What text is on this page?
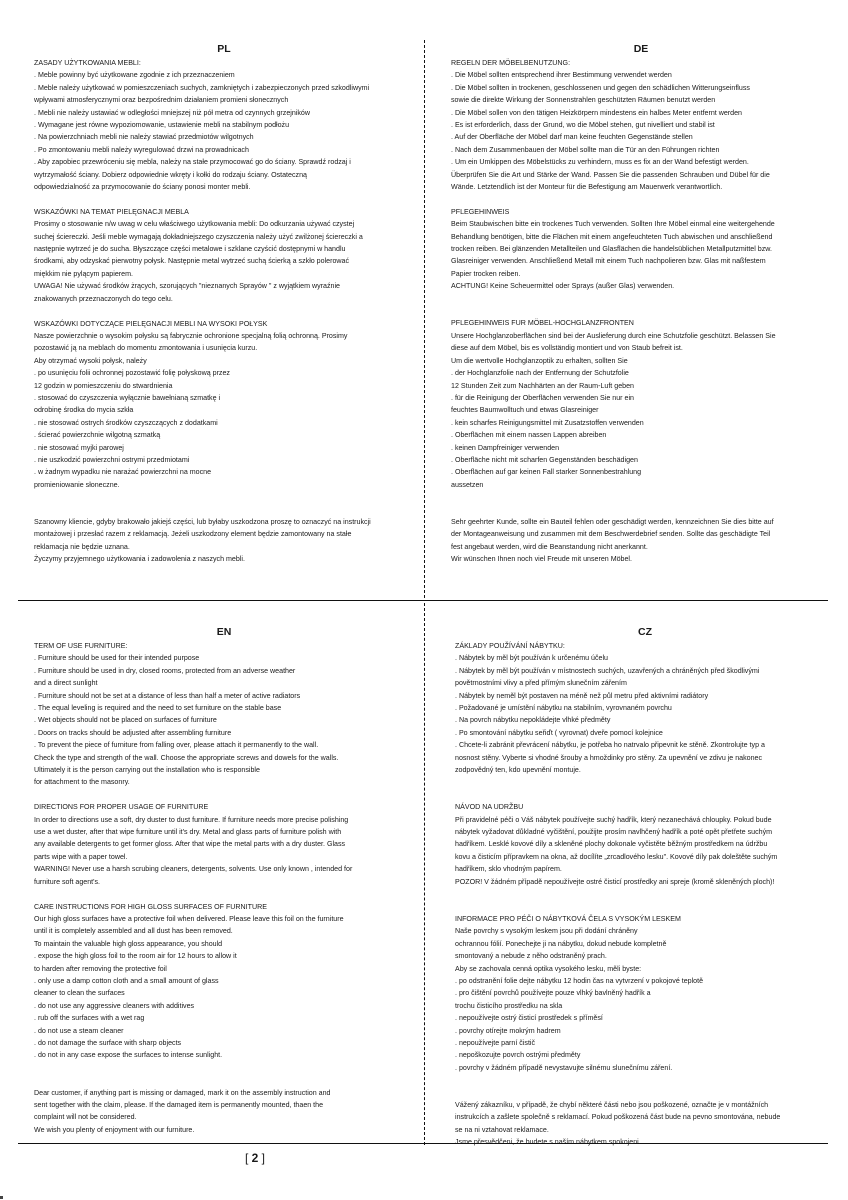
PL
ZASADY UŻYTKOWANIA MEBLI:
. Meble powinny być użytkowane zgodnie z ich przeznaczeniem
. Meble należy użytkować w pomieszczeniach suchych, zamkniętych i zabezpieczonych przed szkodliwymi
wpływami atmosferycznymi oraz bezpośrednim działaniem promieni słonecznych
. Mebli nie należy ustawiać w odległości mniejszej niż pół metra od czynnych grzejników
. Wymagane jest równe wypoziomowanie, ustawienie mebli na stabilnym podłożu
. Na powierzchniach mebli nie należy stawiać przedmiotów wilgotnych
. Po zmontowaniu mebli należy wyregulować drzwi na prowadnicach
. Aby zapobiec przewróceniu się mebla, należy na stałe przymocować go do ściany. Sprawdź rodzaj i
wytrzymałość ściany. Dobierz odpowiednie wkręty i kołki do rodzaju ściany. Ostateczną
odpowiedzialność za przymocowanie do ściany ponosi monter mebli.
WSKAZÓWKI NA TEMAT PIELĘGNACJI MEBLA
Prosimy o stosowanie n/w uwag w celu właściwego użytkowania mebli: Do odkurzania używać czystej
suchej ściereczki. Jeśli meble wymagają dokładniejszego czyszczenia należy użyć zwilżonej ściereczki a
następnie wytrzeć je do sucha. Błyszczące części metalowe i szklane czyścić dostępnymi w handlu
środkami, aby odzyskać pierwotny połysk. Następnie metal wytrzeć suchą ścierką a szkło polerować
miękkim nie pylącym papierem.
UWAGA! Nie używać środków żrących, szorujących "nieznanych Sprayów " z wyjątkiem wyraźnie
znakowanych przeznaczonych do tego celu.
WSKAZÓWKI DOTYCZĄCE PIELĘGNACJI MEBLI NA WYSOKI POŁYSK
Nasze powierzchnie o wysokim połysku są fabrycznie ochronione specjalną folią ochronną. Prosimy
pozostawić ją na meblach do momentu zmontowania i usunięcia kurzu.
Aby otrzymać wysoki połysk, należy
. po usunięciu folii ochronnej pozostawić folię połyskową przez
12 godzin w pomieszczeniu do stwardnienia
. stosować do czyszczenia wyłącznie bawełnianą szmatkę i
odrobinę środka do mycia szkła
. nie stosować ostrych środków czyszczących z dodatkami
. ścierać powierzchnie wilgotną szmatką
. nie stosować myjki parowej
. nie uszkodzić powierzchni ostrymi przedmiotami
. w żadnym wypadku nie narażać powierzchni na mocne
promieniowanie słoneczne.
Szanowny kliencie, gdyby brakowało jakiejś części, lub byłaby uszkodzona proszę to oznaczyć na instrukcji
montażowej i przesłać razem z reklamacją. Jeżeli uszkodzony element będzie zamontowany na stałe
reklamacja nie będzie uznana.
Życzymy przyjemnego użytkowania i zadowolenia z naszych mebli.
DE
REGELN DER MÖBELBENUTZUNG:
. Die Möbel sollten entsprechend ihrer Bestimmung verwendet werden
. Die Möbel sollten in trockenen, geschlossenen und gegen den schädlichen Witterungseinfluss
sowie die direkte Wirkung der Sonnenstrahlen geschützten Räumen benutzt werden
. Die Möbel sollen von den tätigen Heizkörpern mindestens ein halbes Meter entfernt werden
. Es ist erforderlich, dass der Grund, wo die Möbel stehen, gut nivelliert und stabil ist
. Auf der Oberfläche der Möbel darf man keine feuchten Gegenstände stellen
. Nach dem Zusammenbauen der Möbel sollte man die Tür an den Führungen richten
. Um ein Umkippen des Möbelstücks zu verhindern, muss es fix an der Wand befestigt werden.
Überprüfen Sie die Art und Stärke der Wand. Passen Sie die passenden Schrauben und Dübel für die
Wände. Letztendlich ist der Monteur für die Befestigung am Mauerwerk verantwortlich.
PFLEGEHINWEIS
Beim Staubwischen bitte ein trockenes Tuch verwenden. Sollten Ihre Möbel einmal eine weitergehende
Behandlung benötigen, bitte die Flächen mit einem angefeuchteten Tuch abwischen und anschließend
trocken reiben. Bei glänzenden Metallteilen und Glasflächen die handelsüblichen Metallputzmittel bzw.
Glasreiniger verwenden. Anschließend Metall mit einem Tuch nachpolieren bzw. Glas mit naßfestem
Papier trocken reiben.
ACHTUNG! Keine Scheuermittel oder Sprays (außer Glas) verwenden.
PFLEGEHINWEIS FUR MÖBEL-HOCHGLANZFRONTEN
Unsere Hochglanzoberflächen sind bei der Auslieferung durch eine Schutzfolie geschützt. Belassen Sie
diese auf dem Möbel, bis es vollständig montiert und von Staub befreit ist.
Um die wertvolle Hochglanzoptik zu erhalten, sollten Sie
. der Hochglanzfolie nach der Entfernung der Schutzfolie
12 Stunden Zeit zum Nachhärten an der Raum-Luft geben
. für die Reinigung der Oberflächen verwenden Sie nur ein
feuchtes Baumwolltuch und etwas Glasreiniger
. kein scharfes Reinigungsmittel mit Zusatzstoffen verwenden
. Oberflächen mit einem nassen Lappen abreiben
. keinen Dampfreiniger verwenden
. Oberfläche nicht mit scharfen Gegenständen beschädigen
. Oberflächen auf gar keinen Fall starker Sonnenbestrahlung
aussetzen
Sehr geehrter Kunde, sollte ein Bauteil fehlen oder geschädigt werden, kennzeichnen Sie dies bitte auf
der Montageanweisung und zusammen mit dem Beschwerdebrief senden. Sollte das geschädigte Teil
fest angebaut werden, wird die Beanstandung nicht anerkannt.
Wir wünschen Ihnen noch viel Freude mit unseren Möbel.
EN
TERM OF USE FURNITURE:
. Furniture should be used for their intended purpose
. Furniture should be used in dry, closed rooms, protected from an adverse weather
and a direct sunlight
. Furniture should not be set at a distance of less than half a meter of active radiators
. The equal leveling is required and the need to set furniture on the stable base
. Wet objects should not be placed on surfaces of furniture
. Doors on tracks should be adjusted after assembling furniture
. To prevent the piece of furniture from falling over, please attach it permanently to the wall.
Check the type and strength of the wall. Choose the appropriate screws and dowels for the walls.
Ultimately it is the person carrying out the installation who is responsible
for attachment to the masonry.
DIRECTIONS FOR PROPER USAGE OF FURNITURE
In order to directions use a soft, dry duster to dust furniture. If furniture needs more precise polishing
use a wet duster, after that wipe furniture until it's dry. Metal and glass parts of furniture polish with
any available detergents to get former gloss. After that wipe the metal parts with a dry duster. Glass
parts wipe with a paper towel.
WARNING! Never use a harsh scrubing cleaners, detergents, solvents. Use only known , intended for
furniture soft agent's.
CARE INSTRUCTIONS FOR HIGH GLOSS SURFACES OF FURNITURE
Our high gloss surfaces have a protective foil when delivered. Please leave this foil on the furniture
until it is completely assembled and all dust has been removed.
To maintain the valuable high gloss appearance, you should
. expose the high gloss foil to the room air for 12 hours to allow it
to harden after removing the protective foil
. only use a damp cotton cloth and a small amount of glass
cleaner to clean the surfaces
. do not use any aggressive cleaners with additives
. rub off the surfaces with a wet rag
. do not use a steam cleaner
. do not damage the surface with sharp objects
. do not in any case expose the surfaces to intense sunlight.
Dear customer, if anything part is missing or damaged, mark it on the assembly instruction and
sent together with the claim, please. If the damaged item is permanently mounted, thaen the
complaint will not be considered.
We wish you plenty of enjoyment with our furniture.
CZ
ZÁKLADY POUŽÍVÁNÍ NÁBYTKU:
. Nábytek by měl být používán k určenému účelu
. Nábytek by měl být používán v místnostech suchých, uzavřených a chráněných před škodlivými
povětrnostními vlivy a před přímým slunečním zářením
. Nábytek by neměl být postaven na méně než půl metru před aktivními radiátory
. Požadované je umístění nábytku na stabilním, vyrovnaném povrchu
. Na povrch nábytku nepokládejte vlhké předměty
. Po smontování nábytku seřiďt ( vyrovnat) dveře pomocí kolejnice
. Chcete-li zabránit převrácení nábytku, je potřeba ho natrvalo připevnit ke stěně. Zkontrolujte typ a
nosnost stěny. Vyberte si vhodné šrouby a hmoždinky pro stěny. Za upevnění ve zdivu je nakonec
zodpovědný ten, kdo upevnění montuje.
NÁVOD NA UDRŽBU
Při pravidelné péči o Váš nábytek používejte suchý hadřík, který nezanechává chloupky. Pokud bude
nábytek vyžadovat důkladné vyčištění, použijte prosím navlhčený hadřík a poté opět přetřete suchým
hadříkem. Lesklé kovové díly a skleněné plochy dokonale vyčistěte běžným prostředkem na údržbu
kovu a čisticím přípravkem na okna, až docílíte „zrcadlového lesku". Kovové díly pak doleštěte suchým
hadříkem, sklo vhodným papírem.
POZOR! V žádném případě nepoužívejte ostré čisticí prostředky ani spreje (kromě skleněných ploch)!
INFORMACE PRO PÉČI O NÁBYTKOVÁ ČELA S VYSOKÝM LESKEM
Naše povrchy s vysokým leskem jsou při dodání chráněny
ochrannou fólií. Ponechejte ji na nábytku, dokud nebude kompletně
smontovaný a nebude z něho odstraněný prach.
Aby se zachovala cenná optika vysokého lesku, měli byste:
. po odstranění folie dejte nábytku 12 hodin čas na vytvrzení v pokojové teplotě
. pro čištění povrchů používejte pouze vlhký bavlněný hadřík a
trochu čisticího prostředku na skla
. nepoužívejte ostrý čisticí prostředek s příměsí
. povrchy otírejte mokrým hadrem
. nepoužívejte parní čistič
. nepoškozujte povrch ostrými předměty
. povrchy v žádném případě nevystavujte silnému slunečnímu záření.
Vážený zákazníku, v případě, že chybí některé části nebo jsou poškozené, označte je v montážních
instrukcích a zašlete společně s reklamací. Pokud poškozená část bude na pevno smontována, nebude
se na ni vztahovat reklamace.
Jsme přesvědčeni, že budete s naším nábytkem spokojeni.
[ 2 ]
